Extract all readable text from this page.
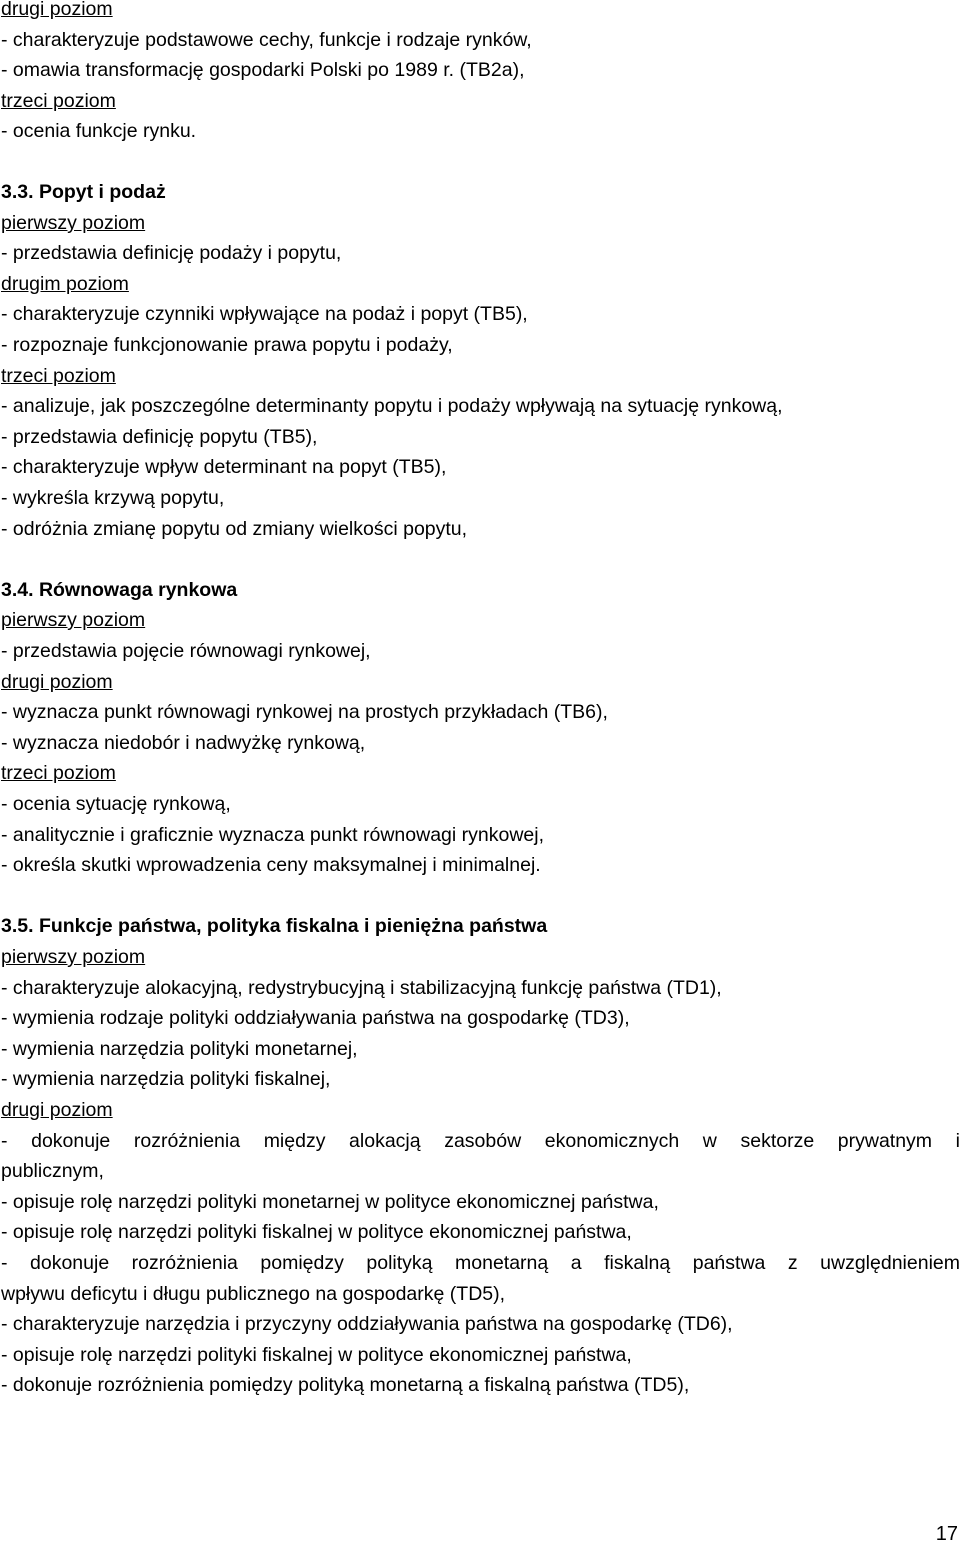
drugi poziom

- charakteryzuje podstawowe cechy, funkcje i rodzaje rynków,

- omawia transformację gospodarki Polski po 1989 r. (TB2a),

trzeci poziom

- ocenia funkcje rynku.

3.3. Popyt i podaż

pierwszy poziom

- przedstawia definicję podaży i popytu,

drugim poziom

- charakteryzuje czynniki wpływające na podaż i popyt (TB5),

- rozpoznaje funkcjonowanie prawa popytu i podaży,

trzeci poziom

- analizuje, jak poszczególne determinanty popytu i podaży wpływają na sytuację rynkową,

- przedstawia definicję popytu (TB5),

- charakteryzuje wpływ determinant na popyt (TB5),

- wykreśla krzywą popytu,

- odróżnia zmianę popytu od zmiany wielkości popytu,

3.4. Równowaga rynkowa

pierwszy poziom

- przedstawia pojęcie równowagi rynkowej,

drugi poziom

- wyznacza punkt równowagi rynkowej na prostych przykładach (TB6),

- wyznacza niedobór i nadwyżkę rynkową,

trzeci poziom

- ocenia sytuację rynkową,

- analitycznie i graficznie wyznacza punkt równowagi rynkowej,

- określa skutki wprowadzenia ceny maksymalnej i minimalnej.

3.5. Funkcje państwa, polityka fiskalna i pieniężna państwa

pierwszy poziom

- charakteryzuje alokacyjną, redystrybucyjną i stabilizacyjną funkcję państwa (TD1),

- wymienia rodzaje polityki oddziaływania państwa na gospodarkę (TD3),

- wymienia narzędzia polityki monetarnej,

- wymienia narzędzia polityki fiskalnej,

drugi poziom

- dokonuje rozróżnienia między alokacją zasobów ekonomicznych w sektorze prywatnym i

publicznym,

- opisuje rolę narzędzi polityki monetarnej w polityce ekonomicznej państwa,

- opisuje rolę narzędzi polityki fiskalnej w polityce ekonomicznej państwa,

- dokonuje rozróżnienia pomiędzy polityką monetarną a fiskalną państwa z uwzględnieniem

wpływu deficytu i długu publicznego na gospodarkę (TD5),

- charakteryzuje narzędzia i przyczyny oddziaływania państwa na gospodarkę (TD6),

- opisuje rolę narzędzi polityki fiskalnej w polityce ekonomicznej państwa,

- dokonuje rozróżnienia pomiędzy polityką monetarną a fiskalną państwa (TD5),

17
